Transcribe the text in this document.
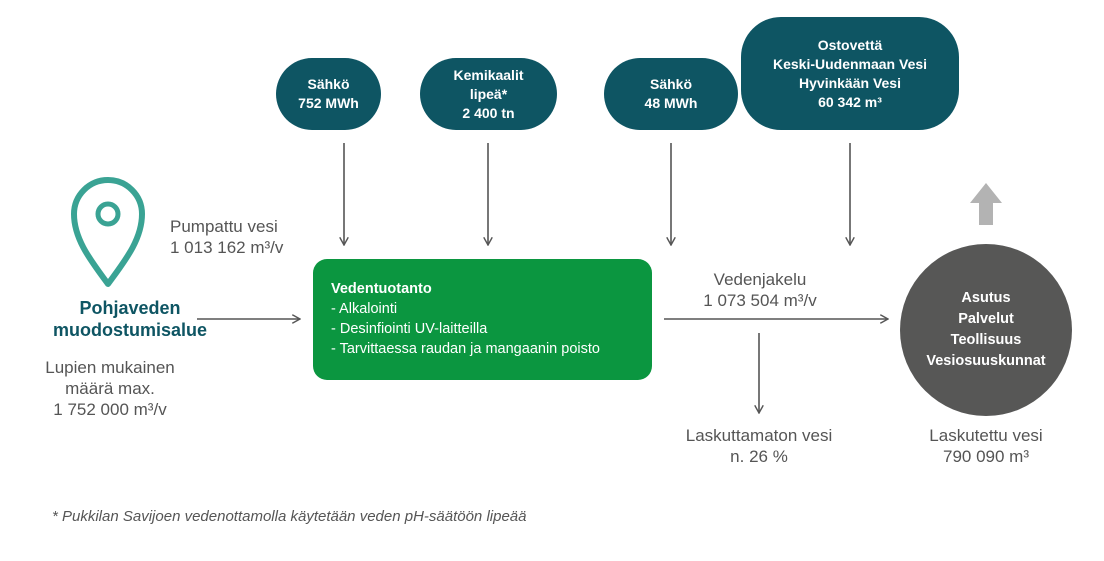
Sähkö
752 MWh
Kemikaalit
lipeä*
2 400 tn
Sähkö
48 MWh
Ostovettä
Keski-Uudenmaan Vesi
Hyvinkään Vesi
60 342 m³
Pohjaveden
muodostumisalue
Lupien mukainen
määrä max.
1 752 000 m³/v
Pumpattu vesi
1 013 162 m³/v
Vedentuotanto
- Alkalointi
- Desinfiointi UV-laitteilla
- Tarvittaessa raudan ja mangaanin poisto
Vedenjakelu
1 073 504 m³/v
Laskuttamaton vesi
n. 26 %
Asutus
Palvelut
Teollisuus
Vesiosuuskunnat
Laskutettu vesi
790 090 m³
* Pukkilan Savijoen vedenottamolla käytetään veden pH-säätöön lipeää
